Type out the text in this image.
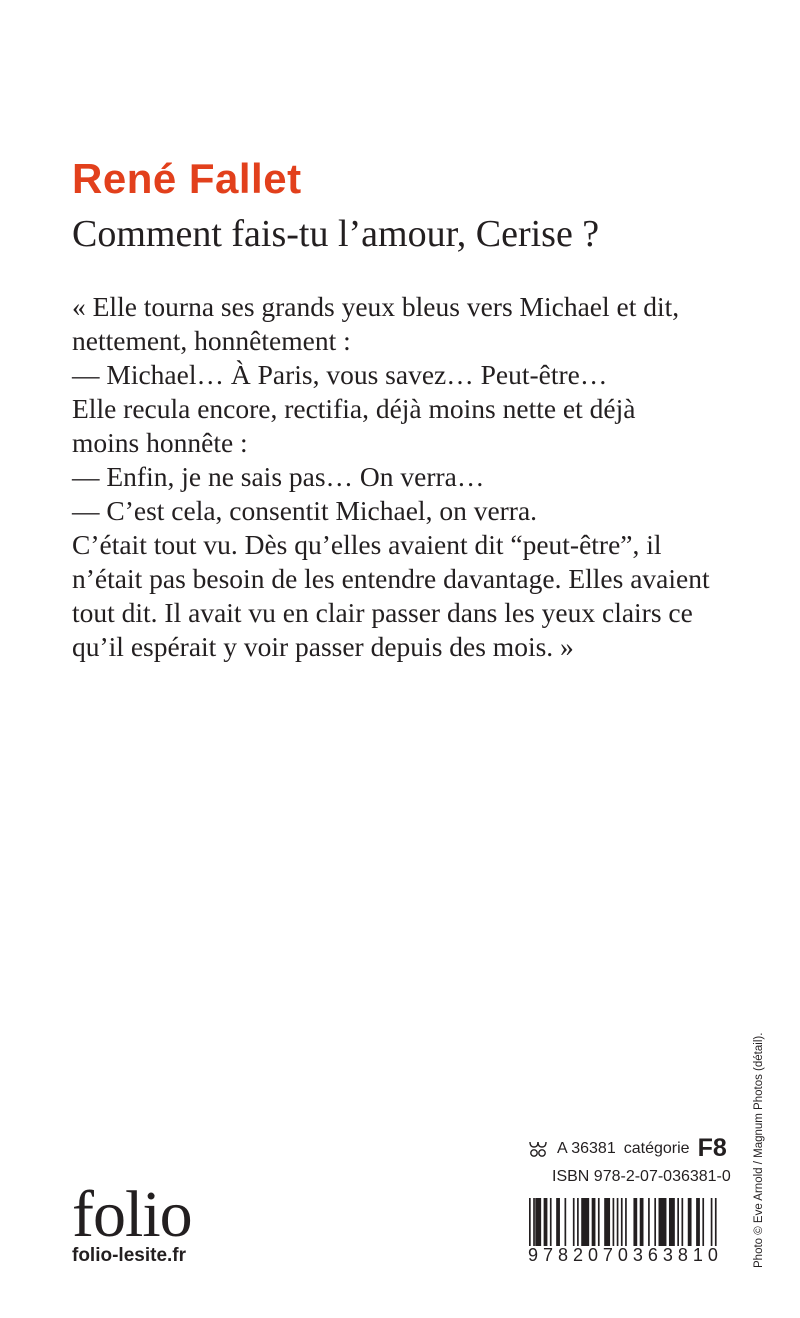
René Fallet
Comment fais-tu l’amour, Cerise ?
« Elle tourna ses grands yeux bleus vers Michael et dit,
nettement, honnêtement :
— Michael… À Paris, vous savez… Peut-être…
Elle recula encore, rectifia, déjà moins nette et déjà
moins honnête :
— Enfin, je ne sais pas… On verra…
— C’est cela, consentit Michael, on verra.
C’était tout vu. Dès qu’elles avaient dit “peut-être”, il
n’était pas besoin de les entendre davantage. Elles avaient
tout dit. Il avait vu en clair passer dans les yeux clairs ce
qu’il espérait y voir passer depuis des mois. »
folio
folio-lesite.fr
A 36381 catégorie F8
ISBN 978-2-07-036381-0
9 7 8 2 0 7 0 3 6 3 8 1 0	Photo © Eve Arnold / Magnum Photos (détail).
